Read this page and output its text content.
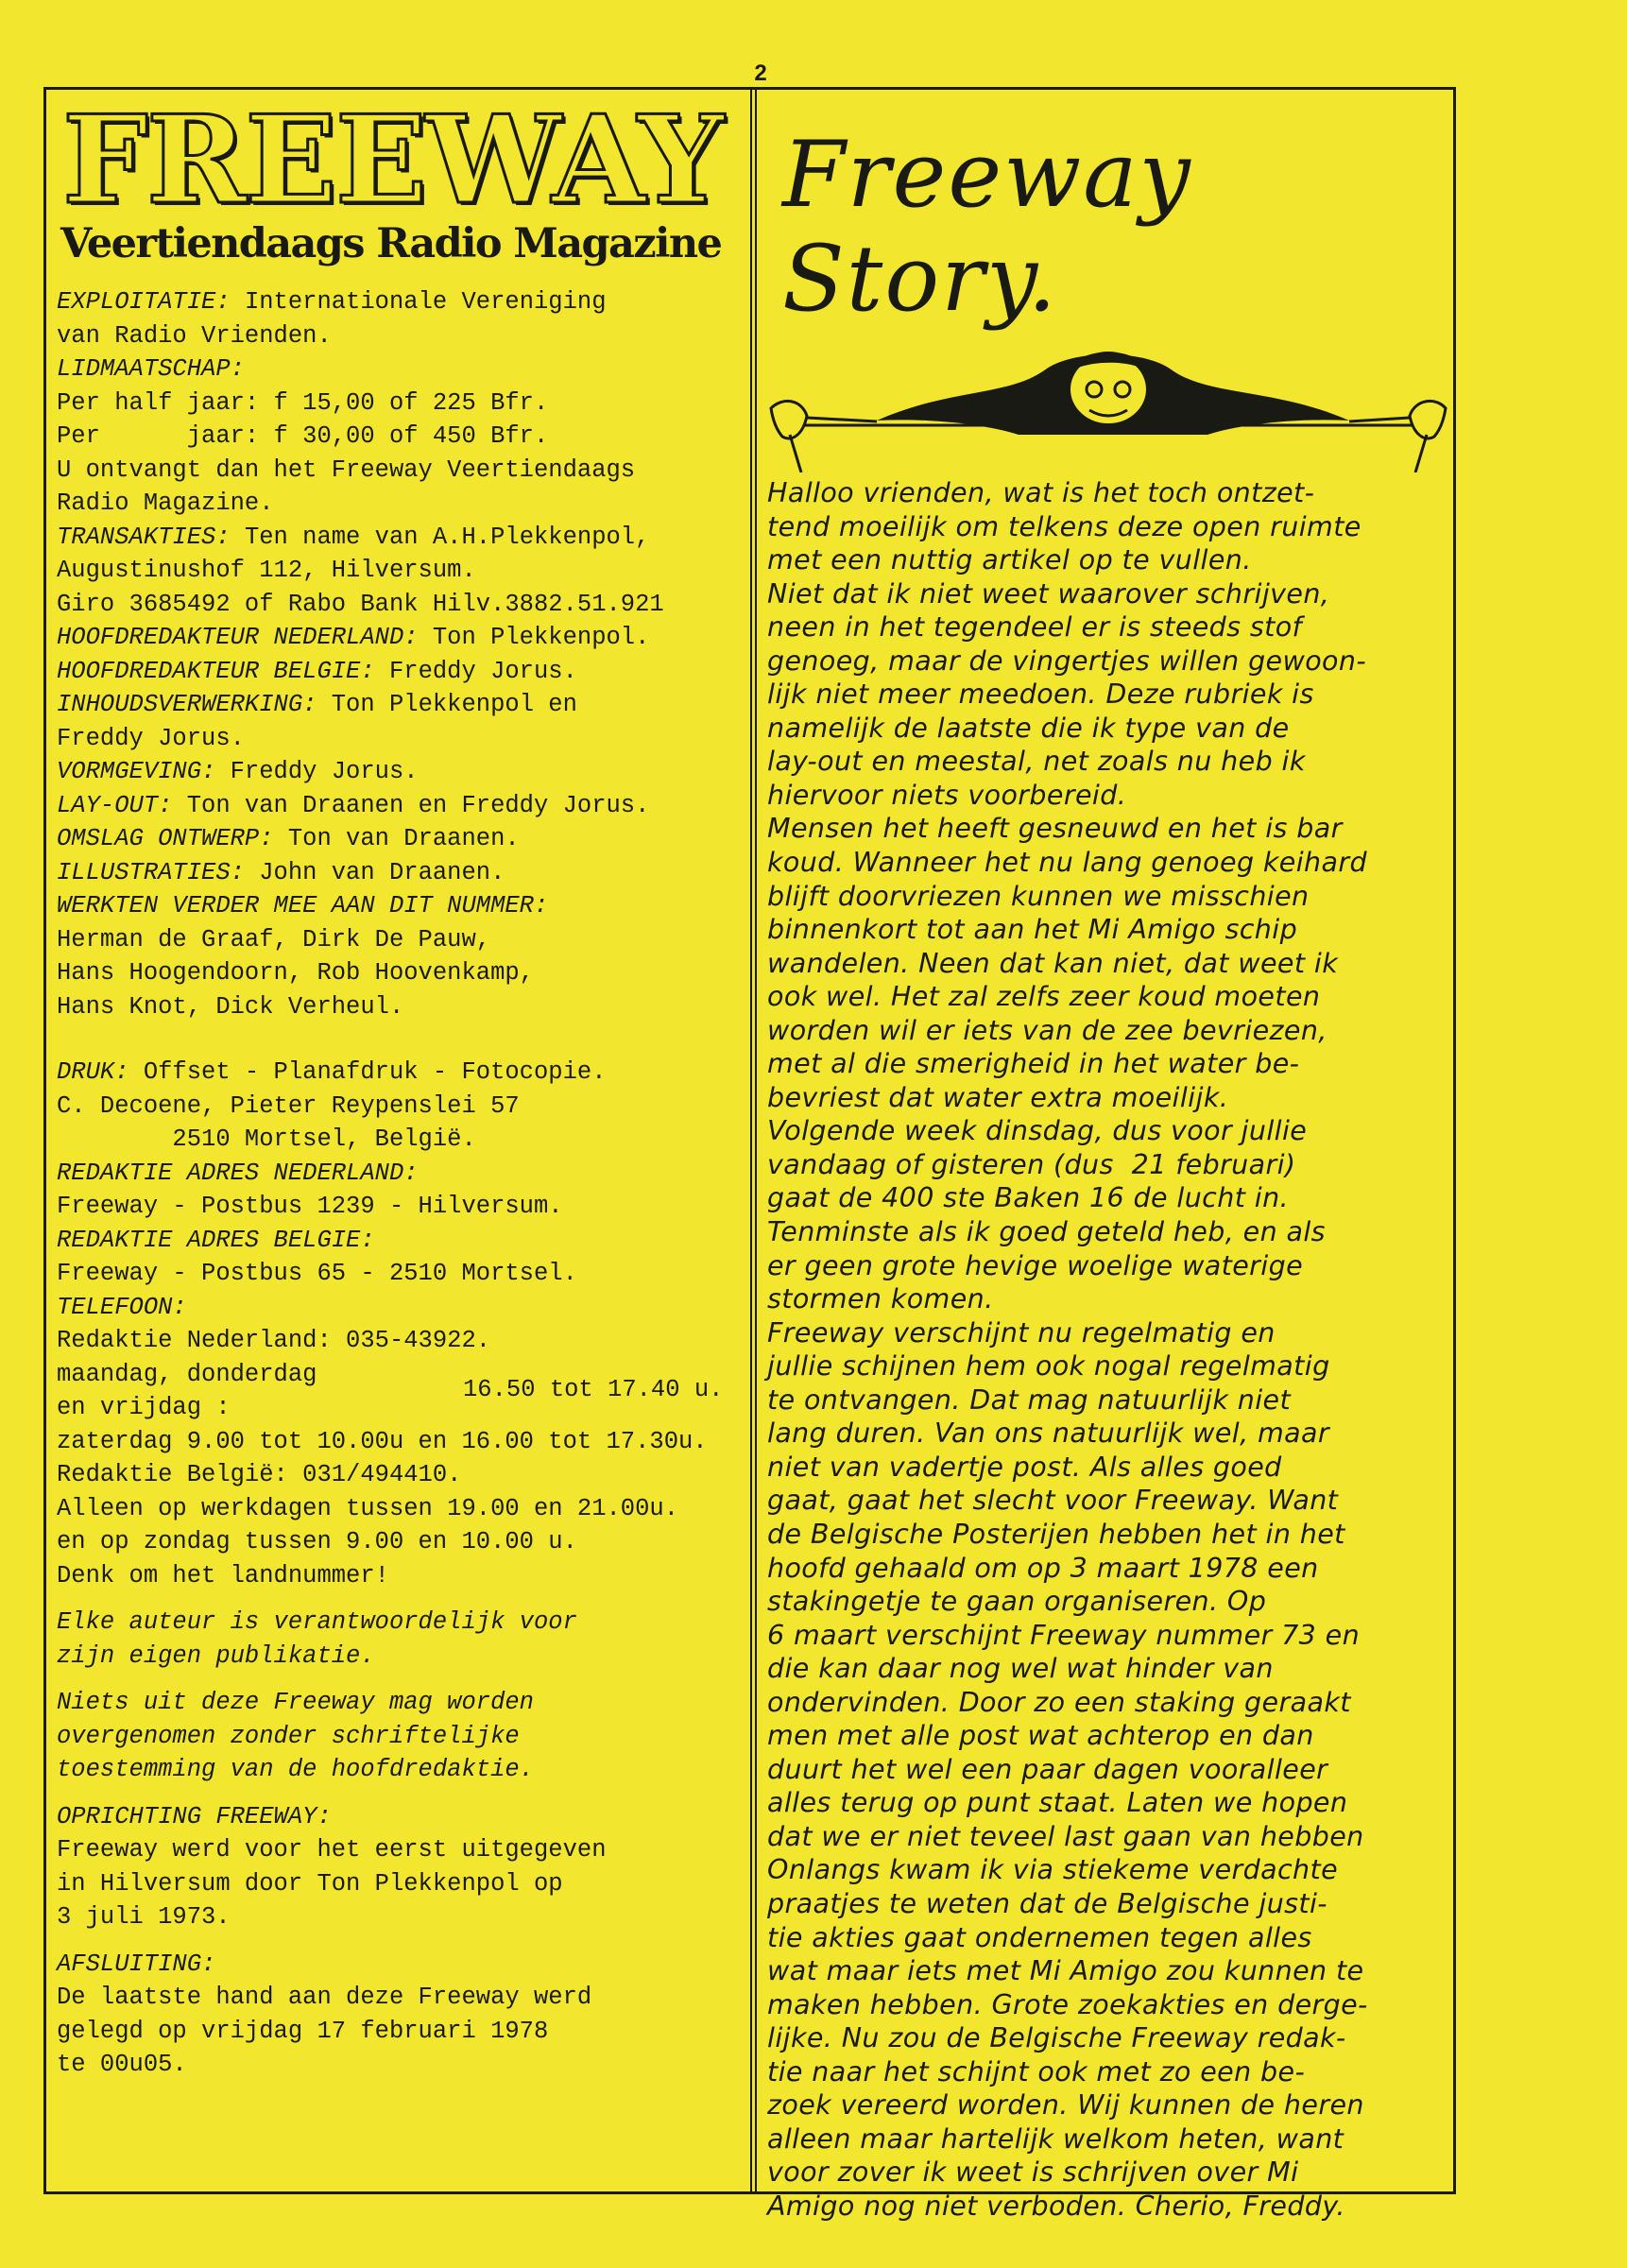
2
FREEWAY
Veertiendaags Radio Magazine
EXPLOITATIE: Internationale Vereniging
van Radio Vrienden.
LIDMAATSCHAP:
Per half jaar: f 15,00 of 225 Bfr.
Per      jaar: f 30,00 of 450 Bfr.
U ontvangt dan het Freeway Veertiendaags
Radio Magazine.
TRANSAKTIES: Ten name van A.H.Plekkenpol,
Augustinushof 112, Hilversum.
Giro 3685492 of Rabo Bank Hilv.3882.51.921
HOOFDREDAKTEUR NEDERLAND: Ton Plekkenpol.
HOOFDREDAKTEUR BELGIE: Freddy Jorus.
INHOUDSVERWERKING: Ton Plekkenpol en
Freddy Jorus.
VORMGEVING: Freddy Jorus.
LAY-OUT: Ton van Draanen en Freddy Jorus.
OMSLAG ONTWERP: Ton van Draanen.
ILLUSTRATIES: John van Draanen.
WERKTEN VERDER MEE AAN DIT NUMMER:
Herman de Graaf, Dirk De Pauw,
Hans Hoogendoorn, Rob Hoovenkamp,
Hans Knot, Dick Verheul.
DRUK: Offset - Planafdruk - Fotocopie.
C. Decoene, Pieter Reypenslei 57
2510 Mortsel, België.
REDAKTIE ADRES NEDERLAND:
Freeway - Postbus 1239 - Hilversum.
REDAKTIE ADRES BELGIE:
Freeway - Postbus 65 - 2510 Mortsel.
TELEFOON:
Redaktie Nederland: 035-43922.
maandag, donderdag
en vrijdag :
16.50 tot 17.40 u.
zaterdag 9.00 tot 10.00u en 16.00 tot 17.30u.
Redaktie België: 031/494410.
Alleen op werkdagen tussen 19.00 en 21.00u.
en op zondag tussen 9.00 en 10.00 u.
Denk om het landnummer!
Elke auteur is verantwoordelijk voor
zijn eigen publikatie.
Niets uit deze Freeway mag worden
overgenomen zonder schriftelijke
toestemming van de hoofdredaktie.
OPRICHTING FREEWAY:
Freeway werd voor het eerst uitgegeven
in Hilversum door Ton Plekkenpol op
3 juli 1973.
AFSLUITING:
De laatste hand aan deze Freeway werd
gelegd op vrijdag 17 februari 1978
te 00u05.
Freeway Story.
Halloo vrienden, wat is het toch ontzet-
tend moeilijk om telkens deze open ruimte
met een nuttig artikel op te vullen.
Niet dat ik niet weet waarover schrijven,
neen in het tegendeel er is steeds stof
genoeg, maar de vingertjes willen gewoon-
lijk niet meer meedoen. Deze rubriek is
namelijk de laatste die ik type van de
lay-out en meestal, net zoals nu heb ik
hiervoor niets voorbereid.
Mensen het heeft gesneuwd en het is bar
koud. Wanneer het nu lang genoeg keihard
blijft doorvriezen kunnen we misschien
binnenkort tot aan het Mi Amigo schip
wandelen. Neen dat kan niet, dat weet ik
ook wel. Het zal zelfs zeer koud moeten
worden wil er iets van de zee bevriezen,
met al die smerigheid in het water be-
bevriest dat water extra moeilijk.
Volgende week dinsdag, dus voor jullie
vandaag of gisteren (dus  21 februari)
gaat de 400 ste Baken 16 de lucht in.
Tenminste als ik goed geteld heb, en als
er geen grote hevige woelige waterige
stormen komen.
Freeway verschijnt nu regelmatig en
jullie schijnen hem ook nogal regelmatig
te ontvangen. Dat mag natuurlijk niet
lang duren. Van ons natuurlijk wel, maar
niet van vadertje post. Als alles goed
gaat, gaat het slecht voor Freeway. Want
de Belgische Posterijen hebben het in het
hoofd gehaald om op 3 maart 1978 een
stakingetje te gaan organiseren. Op
6 maart verschijnt Freeway nummer 73 en
die kan daar nog wel wat hinder van
ondervinden. Door zo een staking geraakt
men met alle post wat achterop en dan
duurt het wel een paar dagen vooralleer
alles terug op punt staat. Laten we hopen
dat we er niet teveel last gaan van hebben
Onlangs kwam ik via stiekeme verdachte
praatjes te weten dat de Belgische justi-
tie akties gaat ondernemen tegen alles
wat maar iets met Mi Amigo zou kunnen te
maken hebben. Grote zoekakties en derge-
lijke. Nu zou de Belgische Freeway redak-
tie naar het schijnt ook met zo een be-
zoek vereerd worden. Wij kunnen de heren
alleen maar hartelijk welkom heten, want
voor zover ik weet is schrijven over Mi
Amigo nog niet verboden. Cherio, Freddy.
